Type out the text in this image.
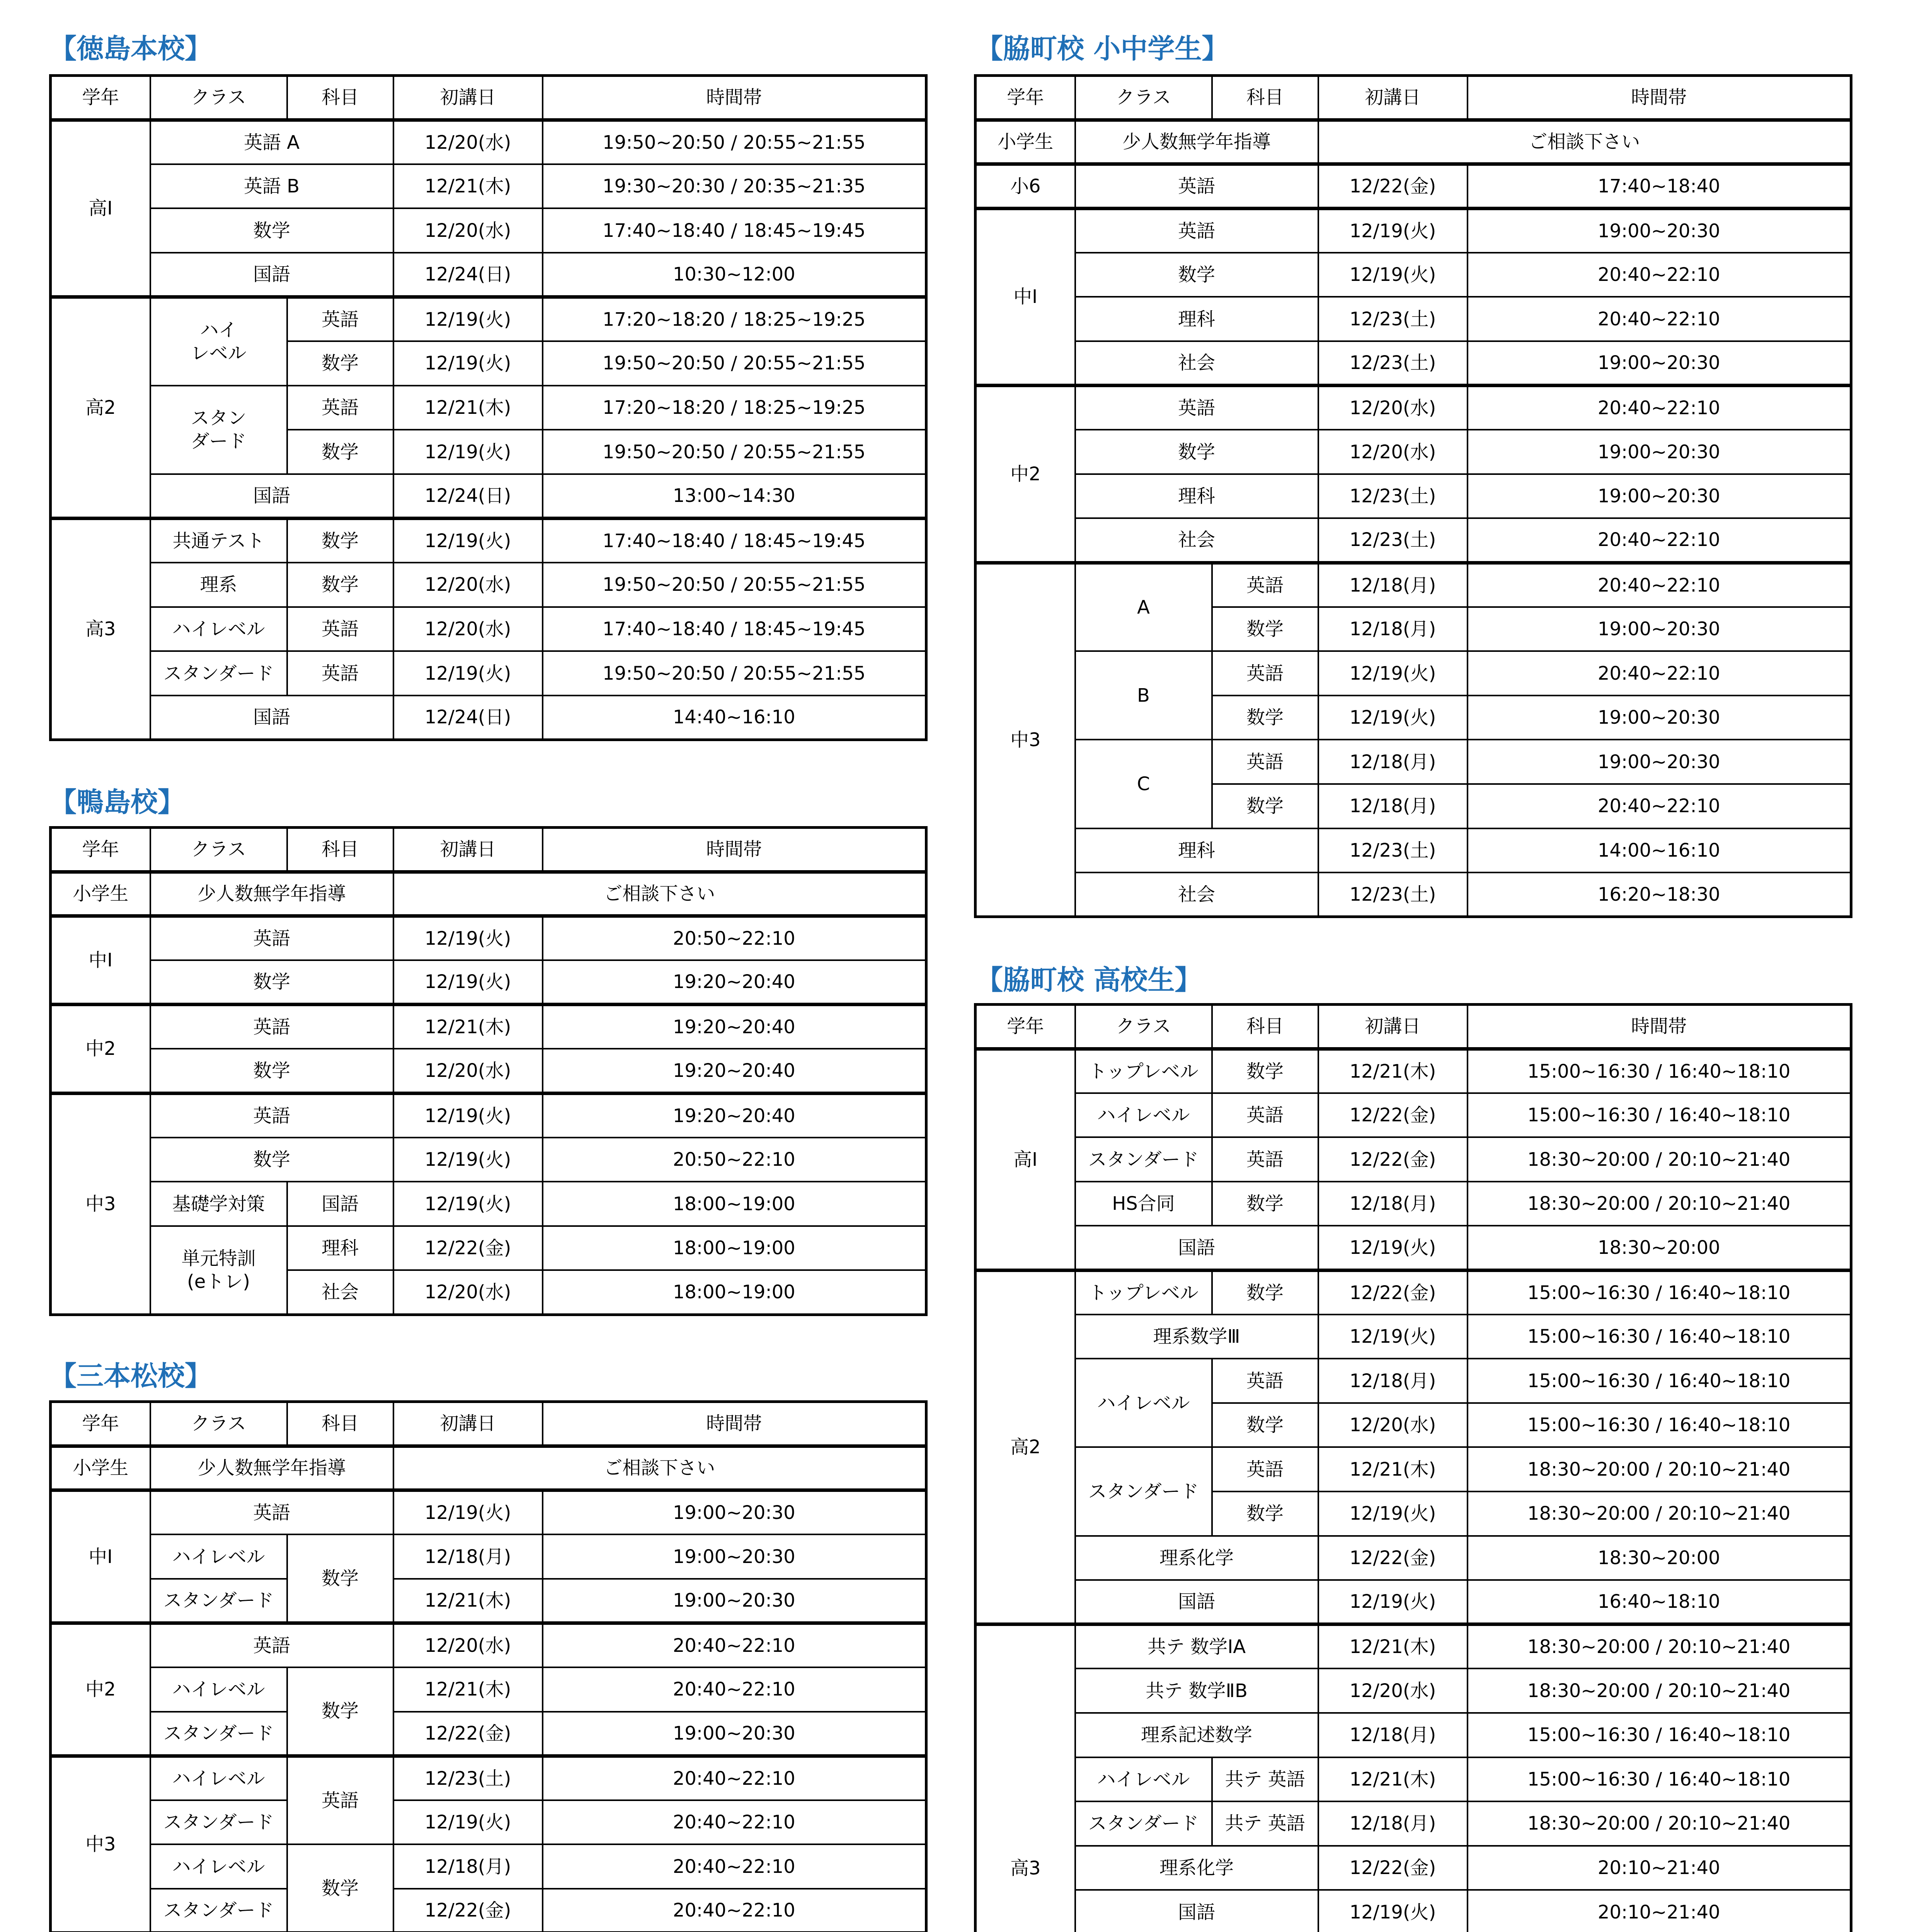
【徳島本校】
【鴨島校】
【三本松校】
【脇町校 小中学生】
【脇町校 高校生】
学年	クラス	科目	初講日	時間帯
高Ⅰ	英語 A		12/20(水)	19:50~20:50 / 20:55~21:55
	英語 B		12/21(木)	19:30~20:30 / 20:35~21:35
	数学		12/20(水)	17:40~18:40 / 18:45~19:45
	国語		12/24(日)	10:30~12:00
高2	ハイ
レベル	英語	12/19(火)	17:20~18:20 / 18:25~19:25
		数学	12/19(火)	19:50~20:50 / 20:55~21:55
	スタン
ダード	英語	12/21(木)	17:20~18:20 / 18:25~19:25
		数学	12/19(火)	19:50~20:50 / 20:55~21:55
	国語		12/24(日)	13:00~14:30
高3	共通テスト	数学	12/19(火)	17:40~18:40 / 18:45~19:45
	理系	数学	12/20(水)	19:50~20:50 / 20:55~21:55
	ハイレベル	英語	12/20(水)	17:40~18:40 / 18:45~19:45
	スタンダード	英語	12/19(火)	19:50~20:50 / 20:55~21:55
	国語		12/24(日)	14:40~16:10
学年	クラス	科目	初講日	時間帯
小学生	少人数無学年指導		ご相談下さい	
中Ⅰ	英語		12/19(火)	20:50~22:10
	数学		12/19(火)	19:20~20:40
中2	英語		12/21(木)	19:20~20:40
	数学		12/20(水)	19:20~20:40
中3	英語		12/19(火)	19:20~20:40
	数学		12/19(火)	20:50~22:10
	基礎学対策	国語	12/19(火)	18:00~19:00
	単元特訓
(eトレ)	理科	12/22(金)	18:00~19:00
		社会	12/20(水)	18:00~19:00
学年	クラス	科目	初講日	時間帯
小学生	少人数無学年指導		ご相談下さい	
中Ⅰ	英語		12/19(火)	19:00~20:30
	ハイレベル	数学	12/18(月)	19:00~20:30
	スタンダード		12/21(木)	19:00~20:30
中2	英語		12/20(水)	20:40~22:10
	ハイレベル	数学	12/21(木)	20:40~22:10
	スタンダード		12/22(金)	19:00~20:30
中3	ハイレベル	英語	12/23(土)	20:40~22:10
	スタンダード		12/19(火)	20:40~22:10
	ハイレベル	数学	12/18(月)	20:40~22:10
	スタンダード		12/22(金)	20:40~22:10

学年	クラス	科目	初講日	時間帯
小学生	少人数無学年指導		ご相談下さい	
小6	英語		12/22(金)	17:40~18:40
中Ⅰ	英語		12/19(火)	19:00~20:30
	数学		12/19(火)	20:40~22:10
	理科		12/23(土)	20:40~22:10
	社会		12/23(土)	19:00~20:30
中2	英語		12/20(水)	20:40~22:10
	数学		12/20(水)	19:00~20:30
	理科		12/23(土)	19:00~20:30
	社会		12/23(土)	20:40~22:10
中3	A	英語	12/18(月)	20:40~22:10
		数学	12/18(月)	19:00~20:30
	B	英語	12/19(火)	20:40~22:10
		数学	12/19(火)	19:00~20:30
	C	英語	12/18(月)	19:00~20:30
		数学	12/18(月)	20:40~22:10
	理科		12/23(土)	14:00~16:10
	社会		12/23(土)	16:20~18:30
学年	クラス	科目	初講日	時間帯
高Ⅰ	トップレベル	数学	12/21(木)	15:00~16:30 / 16:40~18:10
	ハイレベル	英語	12/22(金)	15:00~16:30 / 16:40~18:10
	スタンダード	英語	12/22(金)	18:30~20:00 / 20:10~21:40
	HS合同	数学	12/18(月)	18:30~20:00 / 20:10~21:40
	国語		12/19(火)	18:30~20:00
高2	トップレベル	数学	12/22(金)	15:00~16:30 / 16:40~18:10
	理系数学Ⅲ		12/19(火)	15:00~16:30 / 16:40~18:10
	ハイレベル	英語	12/18(月)	15:00~16:30 / 16:40~18:10
		数学	12/20(水)	15:00~16:30 / 16:40~18:10
	スタンダード	英語	12/21(木)	18:30~20:00 / 20:10~21:40
		数学	12/19(火)	18:30~20:00 / 20:10~21:40
	理系化学		12/22(金)	18:30~20:00
	国語		12/19(火)	16:40~18:10
高3	共テ 数学ⅠA		12/21(木)	18:30~20:00 / 20:10~21:40
	共テ 数学ⅡB		12/20(水)	18:30~20:00 / 20:10~21:40
	理系記述数学		12/18(月)	15:00~16:30 / 16:40~18:10
	ハイレベル	共テ 英語	12/21(木)	15:00~16:30 / 16:40~18:10
	スタンダード	共テ 英語	12/18(月)	18:30~20:00 / 20:10~21:40
	理系化学		12/22(金)	20:10~21:40
	国語		12/19(火)	20:10~21:40
